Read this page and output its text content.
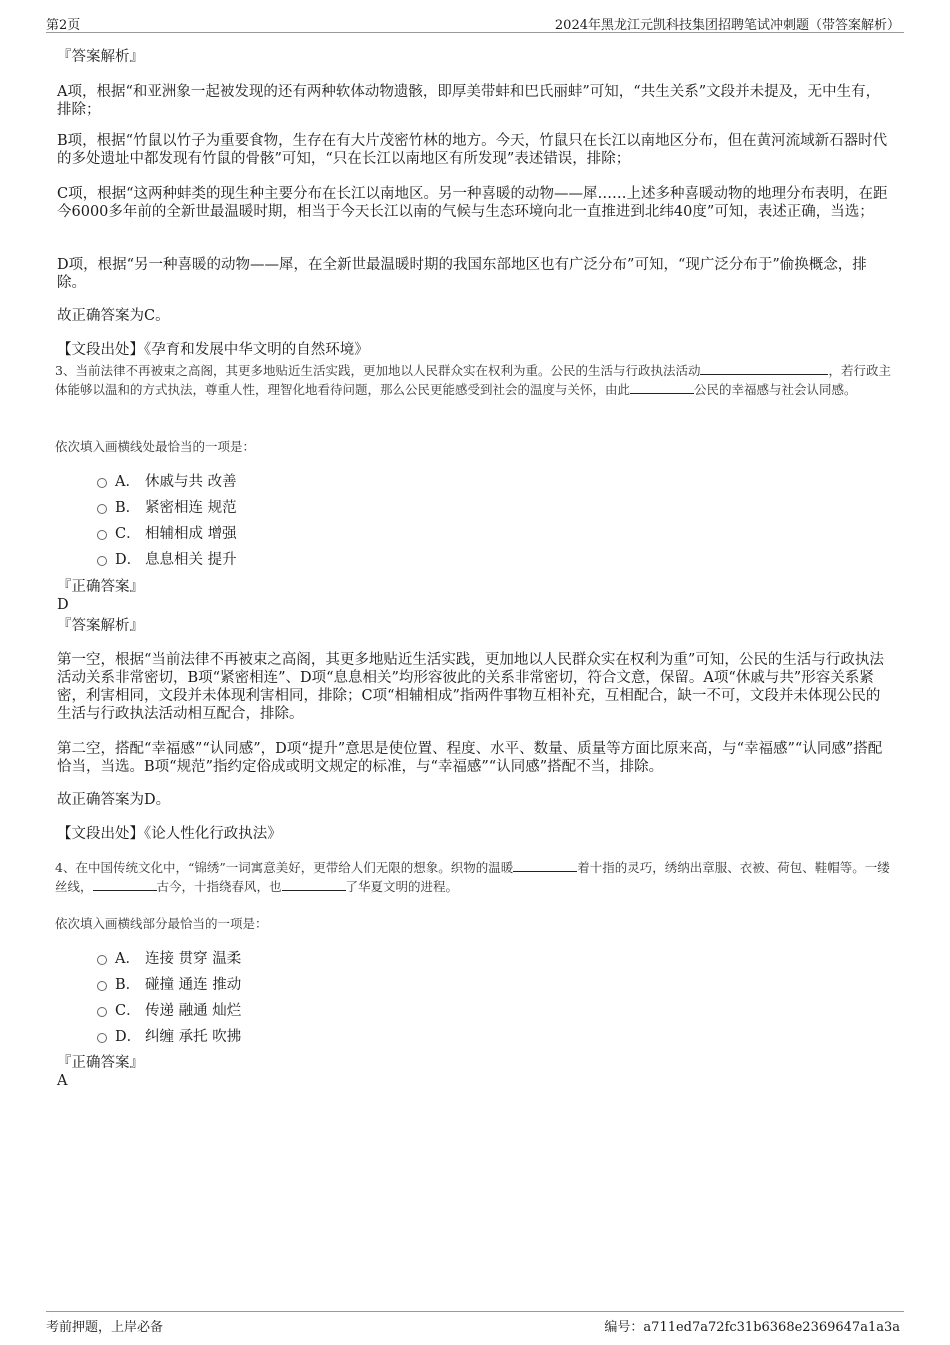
第2页	2024年黑龙江元凯科技集团招聘笔试冲刺题（带答案解析）
『答案解析』
A项，根据“和亚洲象一起被发现的还有两种软体动物遗骸，即厚美带蚌和巴氏丽蚌”可知，“共生关系”文段并未提及，无中生有，排除；
B项，根据“竹鼠以竹子为重要食物，生存在有大片茂密竹林的地方。今天，竹鼠只在长江以南地区分布，但在黄河流域新石器时代的多处遗址中都发现有竹鼠的骨骸”可知，“只在长江以南地区有所发现”表述错误，排除；
C项，根据“这两种蚌类的现生种主要分布在长江以南地区。另一种喜暖的动物——犀……上述多种喜暖动物的地理分布表明，在距今6000多年前的全新世最温暖时期，相当于今天长江以南的气候与生态环境向北一直推进到北纬40度”可知，表述正确，当选；
D项，根据“另一种喜暖的动物——犀，在全新世最温暖时期的我国东部地区也有广泛分布”可知，“现广泛分布于”偷换概念，排除。
故正确答案为C。
【文段出处】《孕育和发展中华文明的自然环境》
3、当前法律不再被束之高阁，其更多地贴近生活实践，更加地以人民群众实在权利为重。公民的生活与行政执法活动	，若行政主体能够以温和的方式执法，尊重人性，理智化地看待问题，那么公民更能感受到社会的温度与关怀，由此	公民的幸福感与社会认同感。
依次填入画横线处最恰当的一项是：
A． 休戚与共 改善
B． 紧密相连 规范
C． 相辅相成 增强
D． 息息相关 提升
『正确答案』
D
『答案解析』
第一空，根据“当前法律不再被束之高阁，其更多地贴近生活实践，更加地以人民群众实在权利为重”可知，公民的生活与行政执法活动关系非常密切，B项“紧密相连”、D项“息息相关”均形容彼此的关系非常密切，符合文意，保留。A项“休戚与共”形容关系紧密，利害相同，文段并未体现利害相同，排除；C项“相辅相成”指两件事物互相补充，互相配合，缺一不可，文段并未体现公民的生活与行政执法活动相互配合，排除。
第二空，搭配“幸福感”“认同感”，D项“提升”意思是使位置、程度、水平、数量、质量等方面比原来高，与“幸福感”“认同感”搭配恰当，当选。B项“规范”指约定俗成或明文规定的标准，与“幸福感”“认同感”搭配不当，排除。
故正确答案为D。
【文段出处】《论人性化行政执法》
4、在中国传统文化中，“锦绣”一词寓意美好，更带给人们无限的想象。织物的温暖	着十指的灵巧，绣纳出章服、衣被、荷包、鞋帽等。一缕丝线，	古今，十指绕春风，也	了华夏文明的进程。
依次填入画横线部分最恰当的一项是：
A． 连接 贯穿 温柔
B． 碰撞 通连 推动
C． 传递 融通 灿烂
D． 纠缠 承托 吹拂
『正确答案』
A
考前押题，上岸必备	编号：a711ed7a72fc31b6368e2369647a1a3a
